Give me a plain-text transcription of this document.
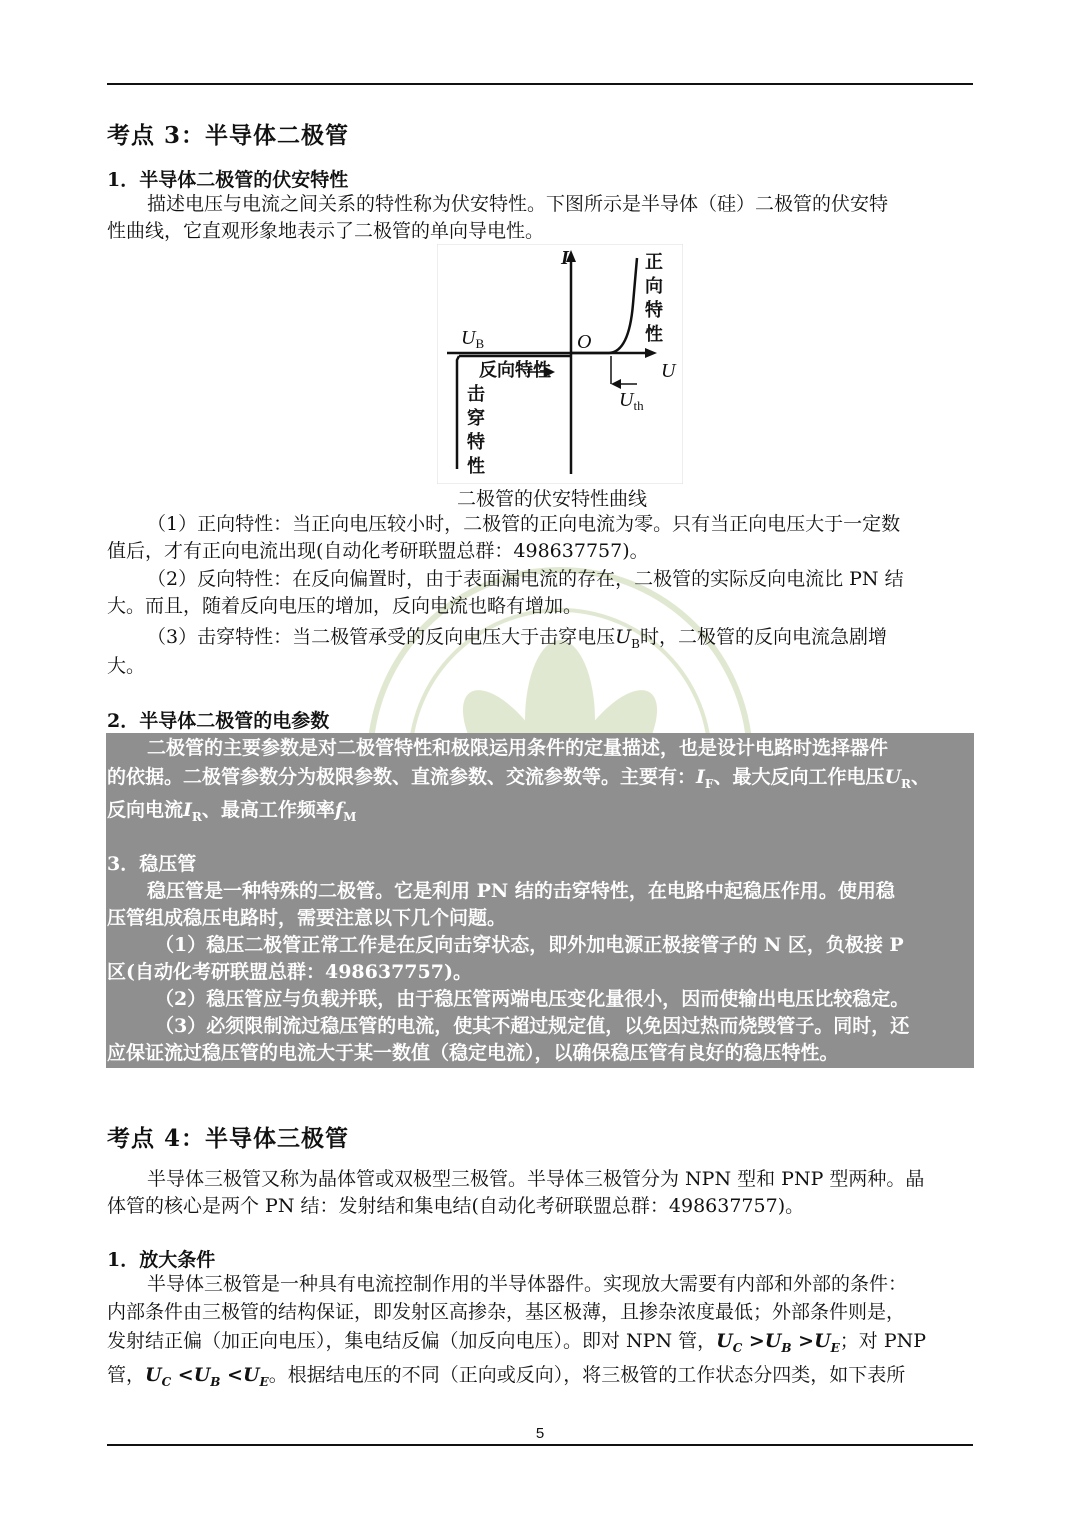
考点 3：半导体二极管
1．半导体二极管的伏安特性
描述电压与电流之间关系的特性称为伏安特性。下图所示是半导体（硅）二极管的伏安特
性曲线，它直观形象地表示了二极管的单向导电性。
I
U
O
$U_B$
$U_{th}$
反向特性
正
向
特
性
击
穿
特
性
二极管的伏安特性曲线
（1）正向特性：当正向电压较小时，二极管的正向电流为零。只有当正向电压大于一定数
值后，才有正向电流出现(自动化考研联盟总群：498637757)。
（2）反向特性：在反向偏置时，由于表面漏电流的存在，二极管的实际反向电流比 PN 结
大。而且，随着反向电压的增加，反向电流也略有增加。
（3）击穿特性：当二极管承受的反向电压大于击穿电压$U_B$时，二极管的反向电流急剧增
大。
2．半导体二极管的电参数
二极管的主要参数是对二极管特性和极限运用条件的定量描述，也是设计电路时选择器件
的依据。二极管参数分为极限参数、直流参数、交流参数等。主要有：$I_F$、最大反向工作电压$U_R$、
反向电流$I_R$、最高工作频率$f_M$
3．稳压管
稳压管是一种特殊的二极管。它是利用 PN 结的击穿特性，在电路中起稳压作用。使用稳
压管组成稳压电路时，需要注意以下几个问题。
（1）稳压二极管正常工作是在反向击穿状态，即外加电源正极接管子的 N 区，负极接 P
区(自动化考研联盟总群：498637757)。
（2）稳压管应与负载并联，由于稳压管两端电压变化量很小，因而使输出电压比较稳定。
（3）必须限制流过稳压管的电流，使其不超过规定值，以免因过热而烧毁管子。同时，还
应保证流过稳压管的电流大于某一数值（稳定电流），以确保稳压管有良好的稳压特性。
考点 4：半导体三极管
半导体三极管又称为晶体管或双极型三极管。半导体三极管分为 NPN 型和 PNP 型两种。晶
体管的核心是两个 PN 结：发射结和集电结(自动化考研联盟总群：498637757)。
1．放大条件
半导体三极管是一种具有电流控制作用的半导体器件。实现放大需要有内部和外部的条件：
内部条件由三极管的结构保证，即发射区高掺杂，基区极薄，且掺杂浓度最低；外部条件则是，
发射结正偏（加正向电压），集电结反偏（加反向电压）。即对 NPN 管，$U_C >U_B >U_E$；对 PNP
管，$U_C <U_B <U_E$。根据结电压的不同（正向或反向），将三极管的工作状态分四类，如下表所
5
